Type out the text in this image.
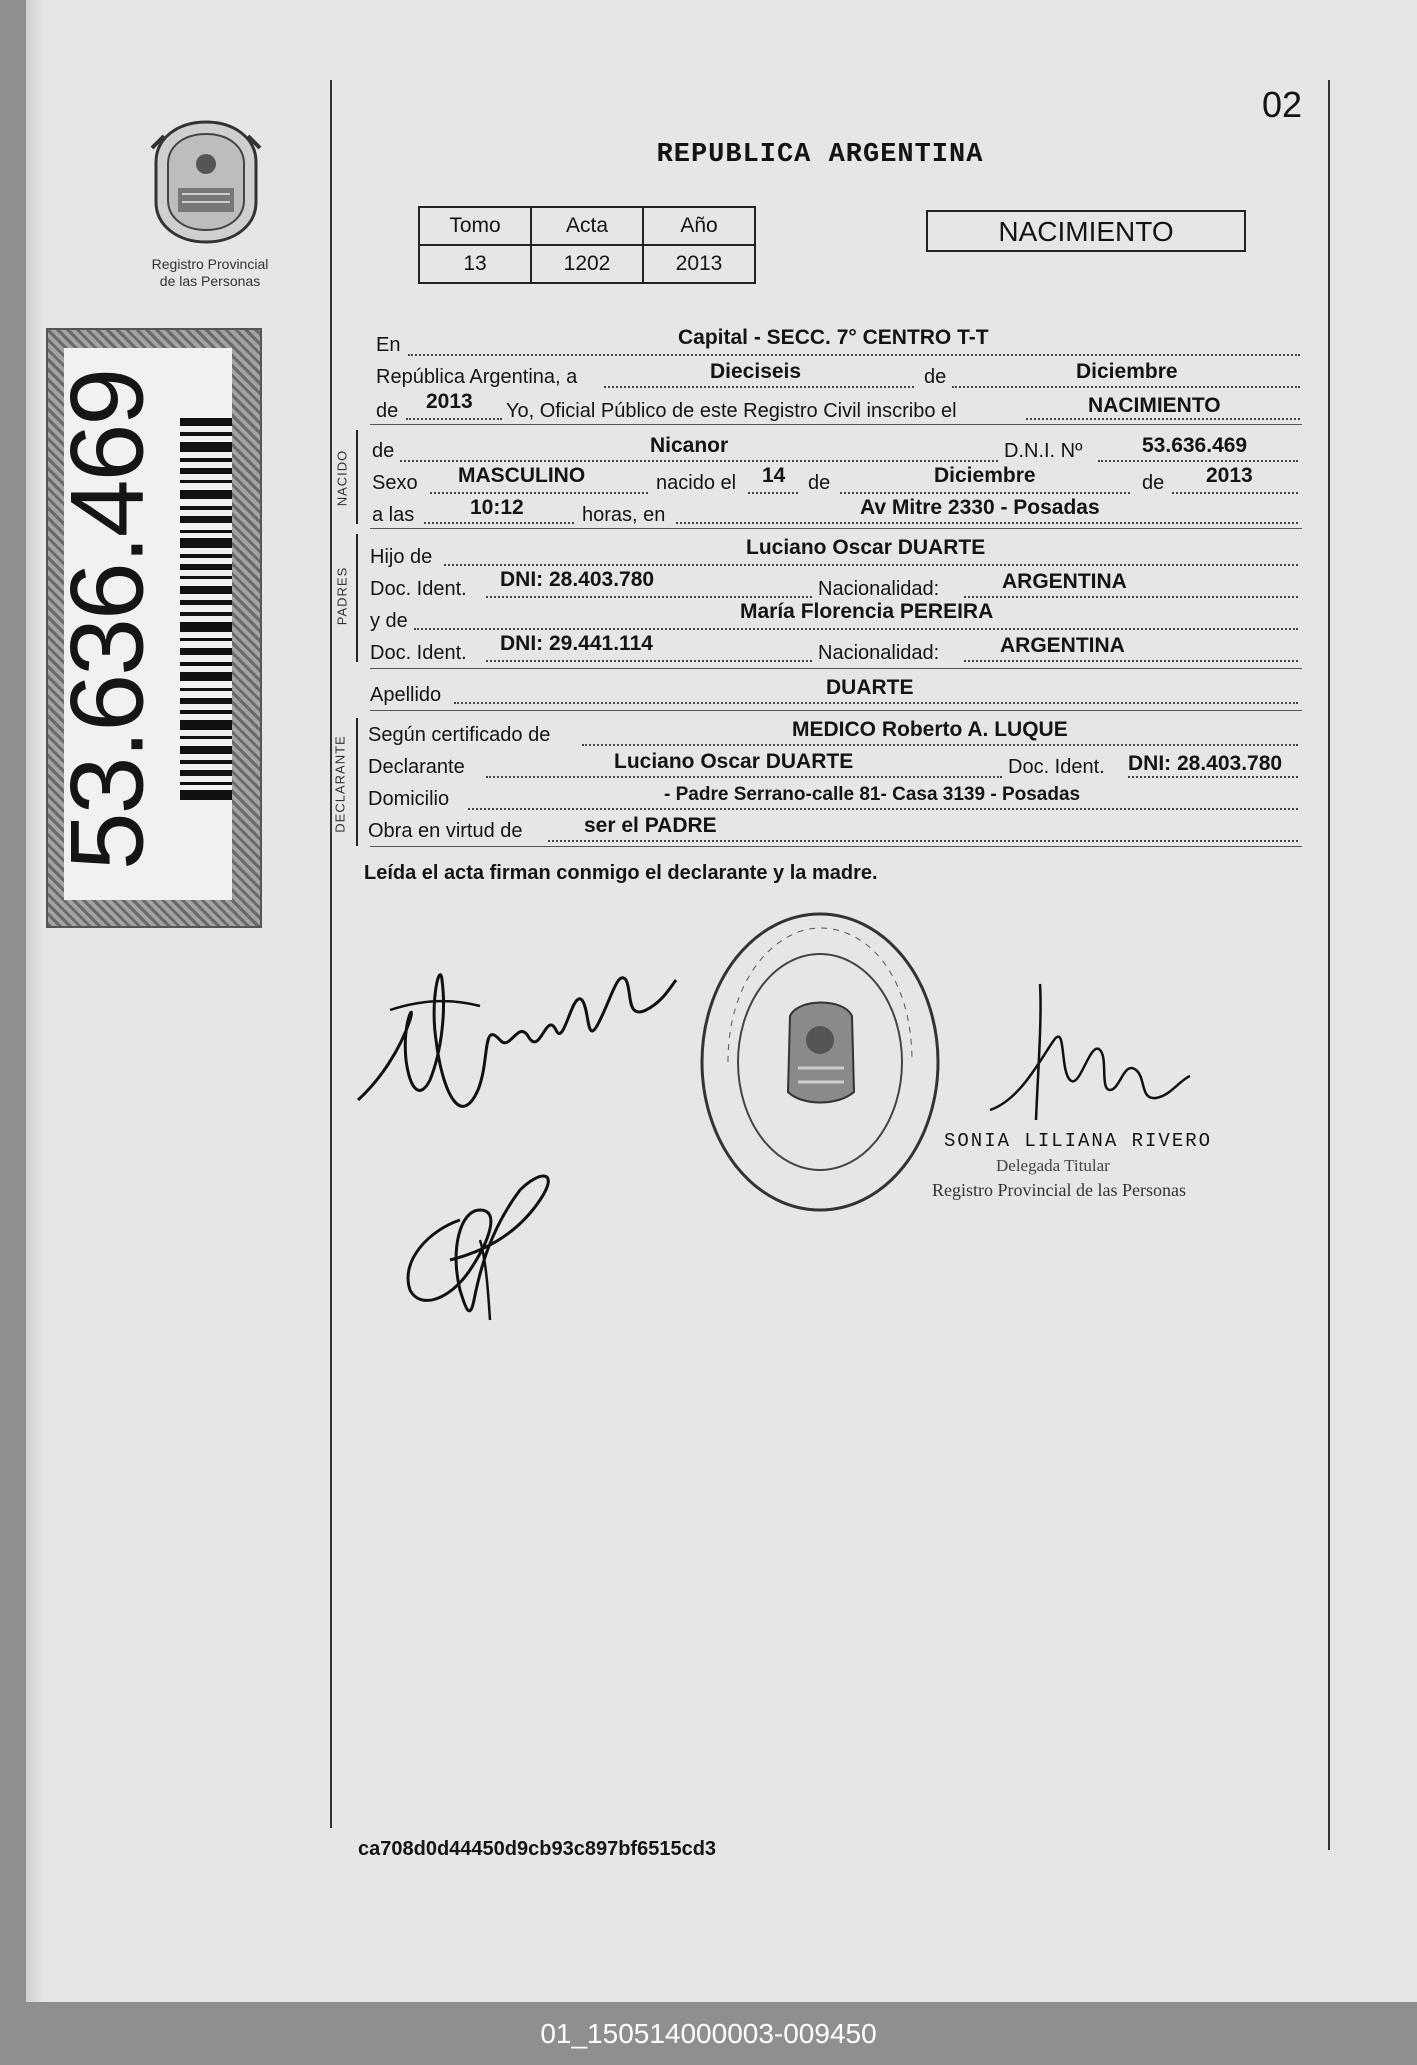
Registro Provincial
de las Personas
53.636.469
02
REPUBLICA ARGENTINA
Tomo	Acta	Año
13	1202	2013
NACIMIENTO
En	Capital - SECC. 7° CENTRO T-T
República Argentina, a	Dieciseis	de	Diciembre
de 2013 Yo, Oficial Público de este Registro Civil inscribo el	NACIMIENTO
NACIDO de	Nicanor	D.N.I. Nº	53.636.469
Sexo MASCULINO	nacido el 14 de	Diciembre	de 2013
a las	10:12	horas, en	Av Mitre 2330 - Posadas
PADRES
Hijo de	Luciano Oscar DUARTE
Doc. Ident. DNI: 28.403.780	Nacionalidad:	ARGENTINA
y de	María Florencia PEREIRA
Doc. Ident. DNI: 29.441.114	Nacionalidad:	ARGENTINA
Apellido	DUARTE
DECLARANTE
Según certificado de	MEDICO Roberto A. LUQUE
Declarante	Luciano Oscar DUARTE	Doc. Ident. DNI: 28.403.780
Domicilio	- Padre Serrano-calle 81- Casa 3139 - Posadas
Obra en virtud de	ser el PADRE
Leída el acta firman conmigo el declarante y la madre.
SONIA LILIANA RIVERO
Delegada Titular
Registro Provincial de las Personas
ca708d0d44450d9cb93c897bf6515cd3
01_150514000003-009450
